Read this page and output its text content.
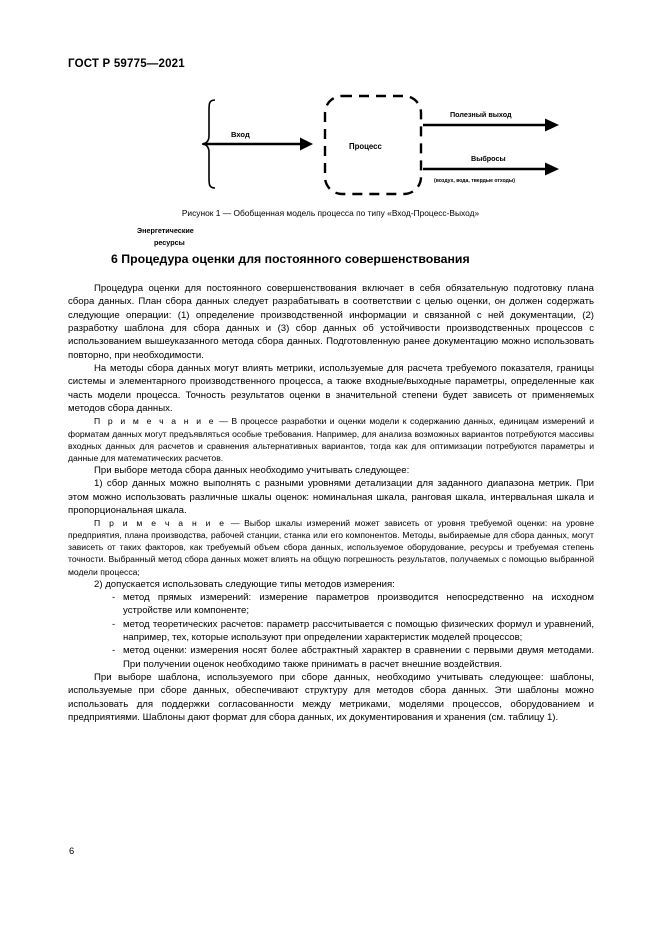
ГОСТ Р 59775—2021
Энергетические
ресурсы
Вход
Процесс
Полезный выход
Выбросы
(воздух, вода, твердые отходы)
Рисунок 1 — Обобщенная модель процесса по типу «Вход-Процесс-Выход»
6 Процедура оценки для постоянного совершенствования

Процедура оценки для постоянного совершенствования включает в себя обязательную подготовку плана сбора данных. План сбора данных следует разрабатывать в соответствии с целью оценки, он должен содержать следующие операции: (1) определение производственной информации и связанной с ней документации, (2) разработку шаблона для сбора данных и (3) сбор данных об устойчивости производственных процессов с использованием вышеуказанного метода сбора данных. Подготовленную ранее документацию можно использовать повторно, при необходимости.

На методы сбора данных могут влиять метрики, используемые для расчета требуемого показателя, границы системы и элементарного производственного процесса, а также входные/выходные параметры, определенные как часть модели процесса. Точность результатов оценки в значительной степени будет зависеть от применяемых методов сбора данных.

П р и м е ч а н и е — В процессе разработки и оценки модели к содержанию данных, единицам измерений и форматам данных могут предъявляться особые требования. Например, для анализа возможных вариантов потребуются массивы входных данных для расчетов и сравнения альтернативных вариантов, тогда как для оптимизации потребуются параметры и данные для математических расчетов.

При выборе метода сбора данных необходимо учитывать следующее:

1) сбор данных можно выполнять с разными уровнями детализации для заданного диапазона метрик. При этом можно использовать различные шкалы оценок: номинальная шкала, ранговая шкала, интервальная шкала и пропорциональная шкала.

П р и м е ч а н и е — Выбор шкалы измерений может зависеть от уровня требуемой оценки: на уровне предприятия, плана производства, рабочей станции, станка или его компонентов. Методы, выбираемые для сбора данных, могут зависеть от таких факторов, как требуемый объем сбора данных, используемое оборудование, ресурсы и требуемая степень точности. Выбранный метод сбора данных может влиять на общую погрешность результатов, получаемых с помощью выбранной модели процесса;

2) допускается использовать следующие типы методов измерения:

- метод прямых измерений: измерение параметров производится непосредственно на исходном устройстве или компоненте;
- метод теоретических расчетов: параметр рассчитывается с помощью физических формул и уравнений, например, тех, которые используют при определении характеристик моделей процессов;
- метод оценки: измерения носят более абстрактный характер в сравнении с первыми двумя методами. При получении оценок необходимо также принимать в расчет внешние воздействия.

При выборе шаблона, используемого при сборе данных, необходимо учитывать следующее: шаблоны, используемые при сборе данных, обеспечивают структуру для методов сбора данных. Эти шаблоны можно использовать для поддержки согласованности между метриками, моделями процессов, оборудованием и предприятиями. Шаблоны дают формат для сбора данных, их документирования и хранения (см. таблицу 1).

6
